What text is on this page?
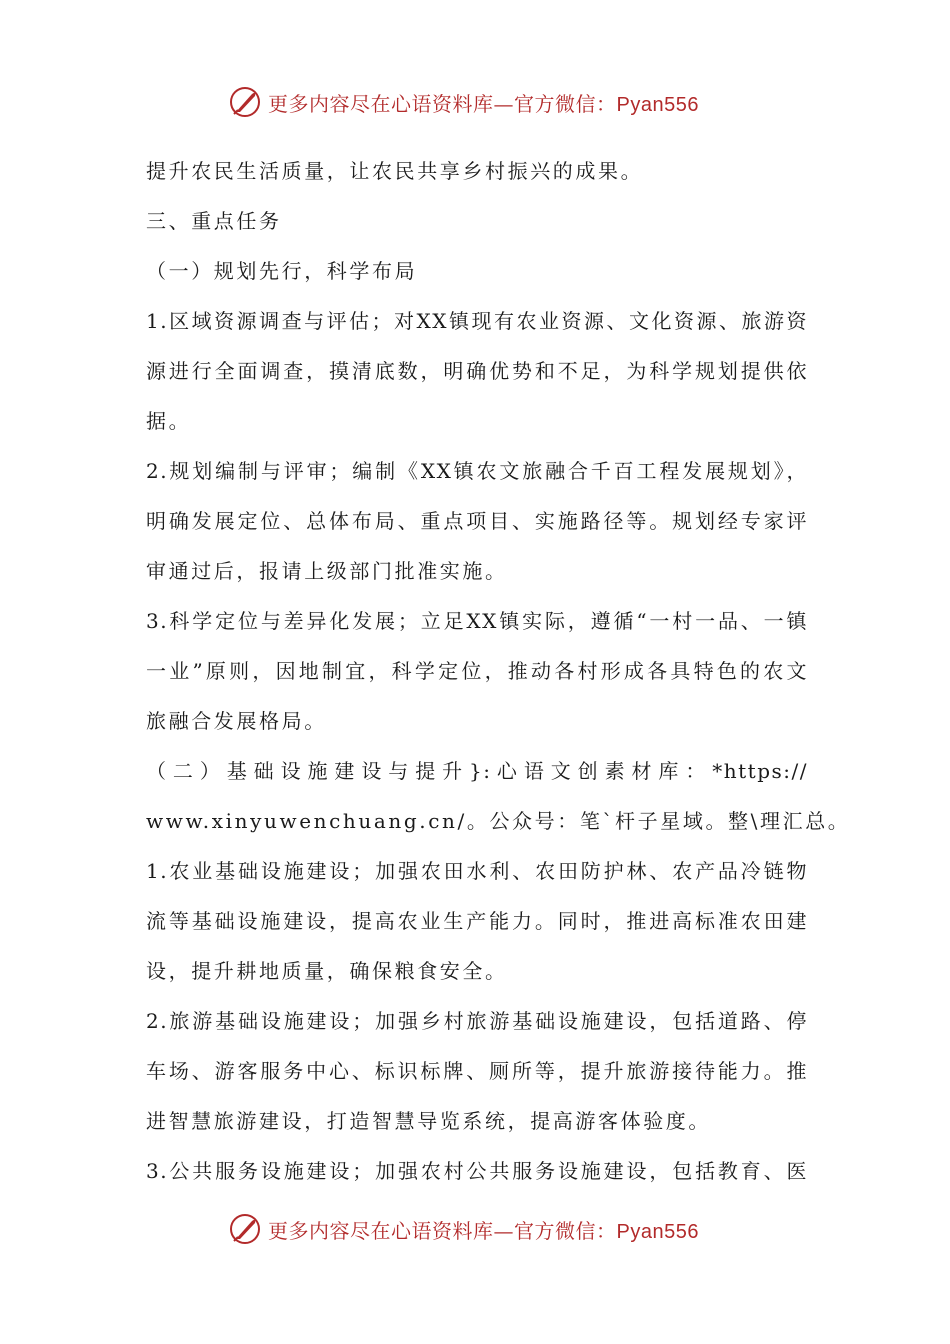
更多内容尽在心语资料库—官方微信：Pyan556
提升农民生活质量，让农民共享乡村振兴的成果。
三、重点任务
（一）规划先行，科学布局
1.区域资源调查与评估；对XX镇现有农业资源、文化资源、旅游资
源进行全面调查，摸清底数，明确优势和不足，为科学规划提供依
据。
2.规划编制与评审；编制《XX镇农文旅融合千百工程发展规划》，
明确发展定位、总体布局、重点项目、实施路径等。规划经专家评
审通过后，报请上级部门批准实施。
3.科学定位与差异化发展；立足XX镇实际，遵循“一村一品、一镇
一业”原则，因地制宜，科学定位，推动各村形成各具特色的农文
旅融合发展格局。
（二）基础设施建设与提升}:心语文创素材库：*https://
www.xinyuwenchuang.cn/。公众号：笔`杆子星域。整\理汇总。
1.农业基础设施建设；加强农田水利、农田防护林、农产品冷链物
流等基础设施建设，提高农业生产能力。同时，推进高标准农田建
设，提升耕地质量，确保粮食安全。
2.旅游基础设施建设；加强乡村旅游基础设施建设，包括道路、停
车场、游客服务中心、标识标牌、厕所等，提升旅游接待能力。推
进智慧旅游建设，打造智慧导览系统，提高游客体验度。
3.公共服务设施建设；加强农村公共服务设施建设，包括教育、医
更多内容尽在心语资料库—官方微信：Pyan556
